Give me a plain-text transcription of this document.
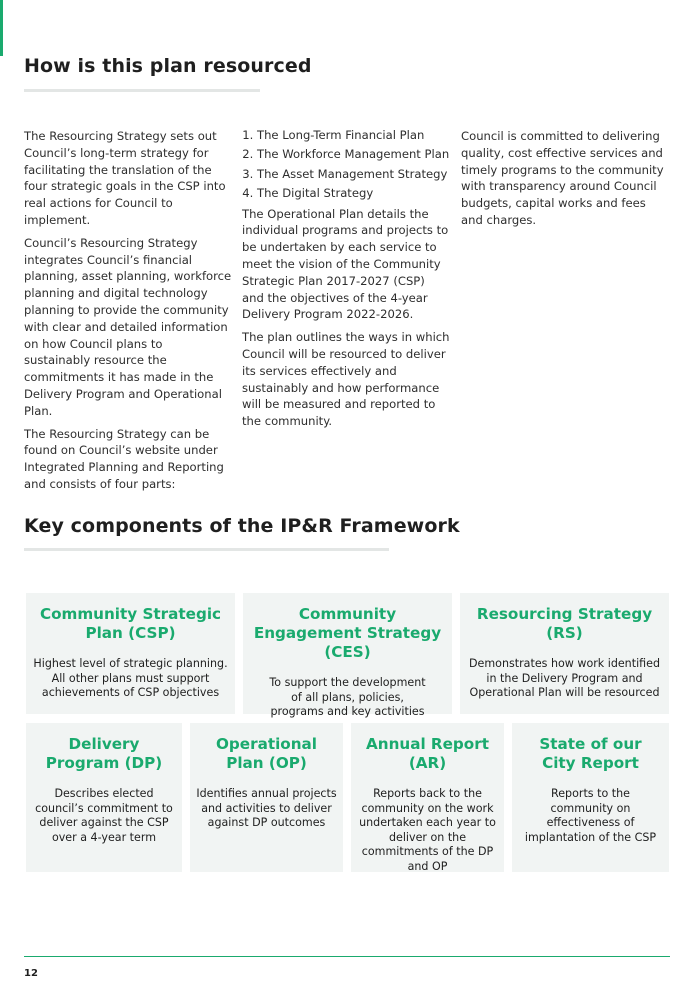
How is this plan resourced

The Resourcing Strategy sets out Council’s long-term strategy for facilitating the translation of the four strategic goals in the CSP into real actions for Council to implement.

Council’s Resourcing Strategy integrates Council’s financial planning, asset planning, workforce planning and digital technology planning to provide the community with clear and detailed information on how Council plans to sustainably resource the commitments it has made in the Delivery Program and Operational Plan.

The Resourcing Strategy can be found on Council’s website under Integrated Planning and Reporting and consists of four parts:

1. The Long-Term Financial Plan
2. The Workforce Management Plan
3. The Asset Management Strategy
4. The Digital Strategy

The Operational Plan details the individual programs and projects to be undertaken by each service to meet the vision of the Community Strategic Plan 2017-2027 (CSP) and the objectives of the 4-year Delivery Program 2022-2026.

The plan outlines the ways in which Council will be resourced to deliver its services effectively and sustainably and how performance will be measured and reported to the community.

Council is committed to delivering quality, cost effective services and timely programs to the community with transparency around Council budgets, capital works and fees and charges.

Key components of the IP&R Framework
Community Strategic Plan (CSP)
Highest level of strategic planning. All other plans must support achievements of CSP objectives
Community Engagement Strategy (CES)
To support the development of all plans, policies, programs and key activities
Resourcing Strategy (RS)
Demonstrates how work identified in the Delivery Program and Operational Plan will be resourced
Delivery Program (DP)
Describes elected council’s commitment to deliver against the CSP over a 4-year term
Operational Plan (OP)
Identifies annual projects and activities to deliver against DP outcomes
Annual Report (AR)
Reports back to the community on the work undertaken each year to deliver on the commitments of the DP and OP
State of our City Report
Reports to the community on effectiveness of implantation of the CSP
12
